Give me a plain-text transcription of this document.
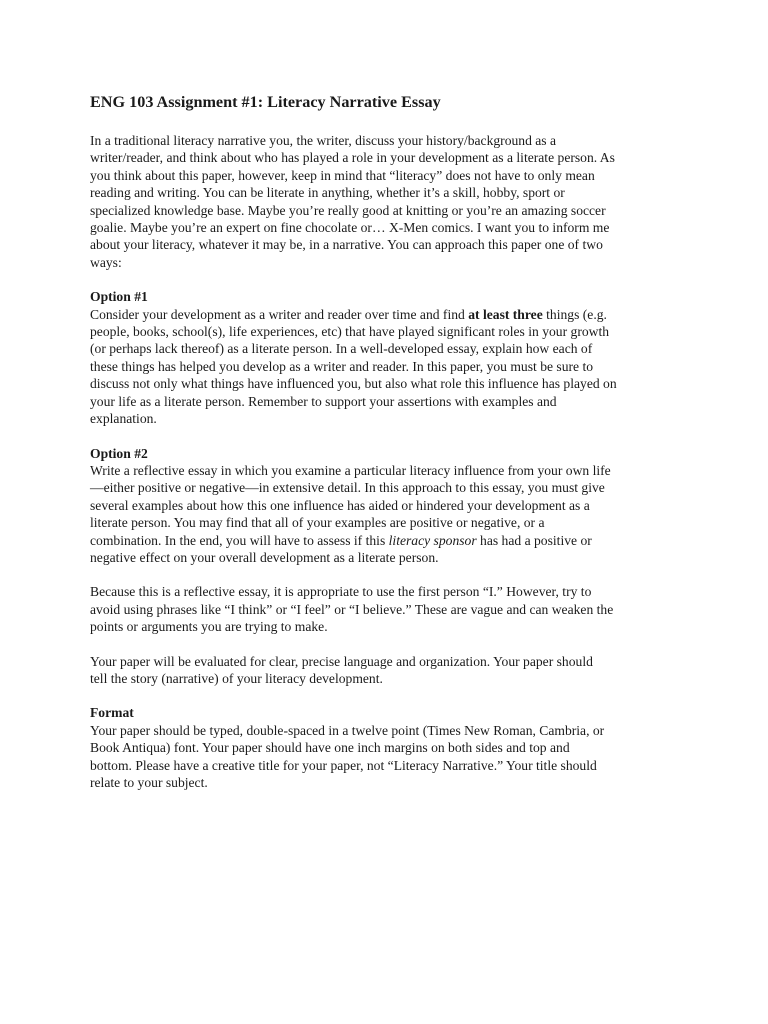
ENG 103 Assignment #1: Literacy Narrative Essay
In a traditional literacy narrative you, the writer, discuss your history/background as a
writer/reader, and think about who has played a role in your development as a literate person. As
you think about this paper, however, keep in mind that “literacy” does not have to only mean
reading and writing. You can be literate in anything, whether it’s a skill, hobby, sport or
specialized knowledge base. Maybe you’re really good at knitting or you’re an amazing soccer
goalie. Maybe you’re an expert on fine chocolate or… X-Men comics. I want you to inform me
about your literacy, whatever it may be, in a narrative. You can approach this paper one of two
ways:
Option #1
Consider your development as a writer and reader over time and find at least three things (e.g.
people, books, school(s), life experiences, etc) that have played significant roles in your growth
(or perhaps lack thereof) as a literate person. In a well-developed essay, explain how each of
these things has helped you develop as a writer and reader. In this paper, you must be sure to
discuss not only what things have influenced you, but also what role this influence has played on
your life as a literate person. Remember to support your assertions with examples and
explanation.
Option #2
Write a reflective essay in which you examine a particular literacy influence from your own life
—either positive or negative—in extensive detail. In this approach to this essay, you must give
several examples about how this one influence has aided or hindered your development as a
literate person. You may find that all of your examples are positive or negative, or a
combination. In the end, you will have to assess if this literacy sponsor has had a positive or
negative effect on your overall development as a literate person.
Because this is a reflective essay, it is appropriate to use the first person “I.” However, try to
avoid using phrases like “I think” or “I feel” or “I believe.” These are vague and can weaken the
points or arguments you are trying to make.
Your paper will be evaluated for clear, precise language and organization. Your paper should
tell the story (narrative) of your literacy development.
Format
Your paper should be typed, double-spaced in a twelve point (Times New Roman, Cambria, or
Book Antiqua) font. Your paper should have one inch margins on both sides and top and
bottom. Please have a creative title for your paper, not “Literacy Narrative.” Your title should
relate to your subject.
